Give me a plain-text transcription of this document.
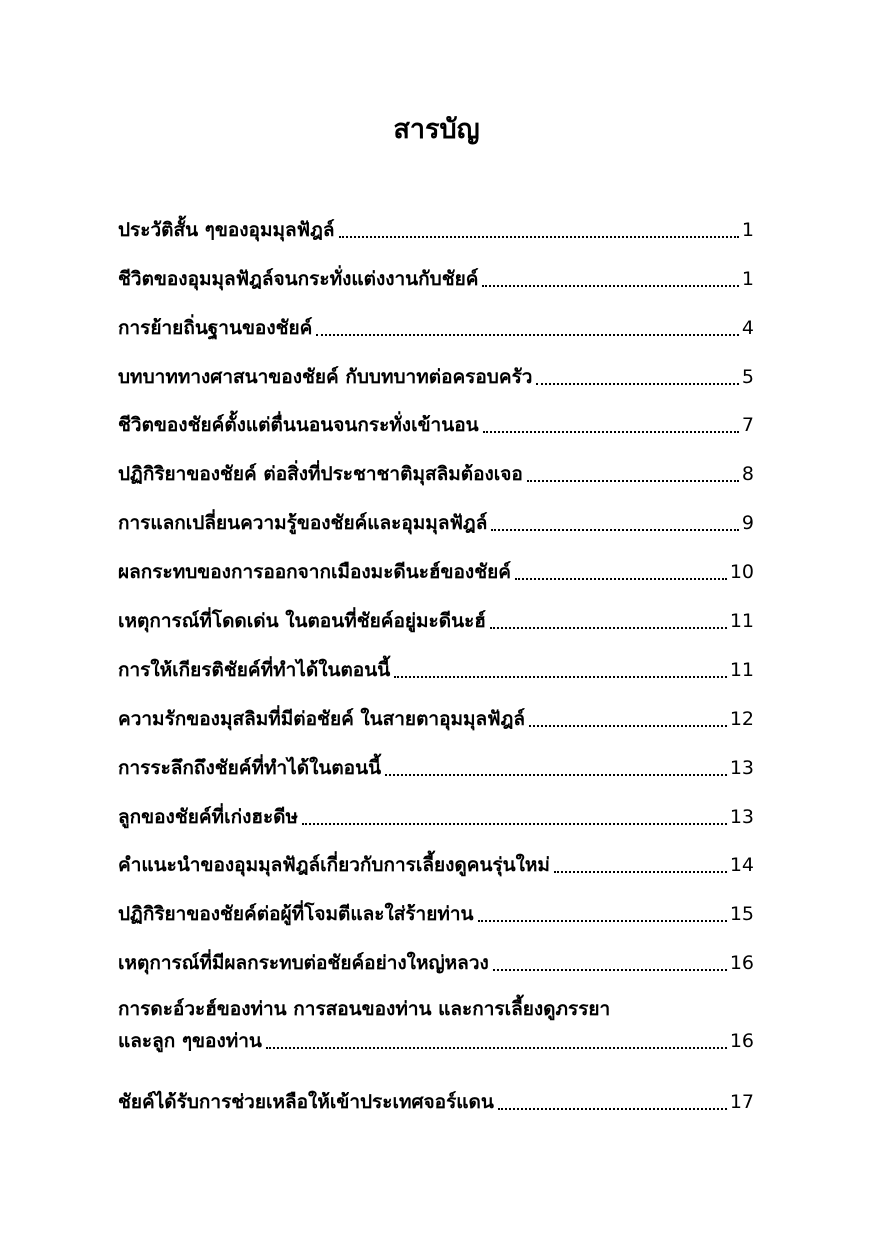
สารบัญ
ประวัติสั้น ๆของอุมมุลฟัฎล์	1
ชีวิตของอุมมุลฟัฎล์จนกระทั่งแต่งงานกับชัยค์	1
การย้ายถิ่นฐานของชัยค์	4
บทบาททางศาสนาของชัยค์ กับบทบาทต่อครอบครัว	5
ชีวิตของชัยค์ตั้งแต่ตื่นนอนจนกระทั่งเข้านอน	7
ปฏิกิริยาของชัยค์ ต่อสิ่งที่ประชาชาติมุสลิมต้องเจอ	8
การแลกเปลี่ยนความรู้ของชัยค์และอุมมุลฟัฎล์	9
ผลกระทบของการออกจากเมืองมะดีนะฮ์ของชัยค์	10
เหตุการณ์ที่โดดเด่น ในตอนที่ชัยค์อยู่มะดีนะฮ์	11
การให้เกียรติชัยค์ที่ทำได้ในตอนนี้	11
ความรักของมุสลิมที่มีต่อชัยค์ ในสายตาอุมมุลฟัฎล์	12
การระลึกถึงชัยค์ที่ทำได้ในตอนนี้	13
ลูกของชัยค์ที่เก่งฮะดีษ	13
คำแนะนำของอุมมุลฟัฎล์เกี่ยวกับการเลี้ยงดูคนรุ่นใหม่	14
ปฏิกิริยาของชัยค์ต่อผู้ที่โจมตีและใส่ร้ายท่าน	15
เหตุการณ์ที่มีผลกระทบต่อชัยค์อย่างใหญ่หลวง	16
การดะอ์วะฮ์ของท่าน การสอนของท่าน และการเลี้ยงดูภรรยา
และลูก ๆของท่าน	16
ชัยค์ได้รับการช่วยเหลือให้เข้าประเทศจอร์แดน	17
